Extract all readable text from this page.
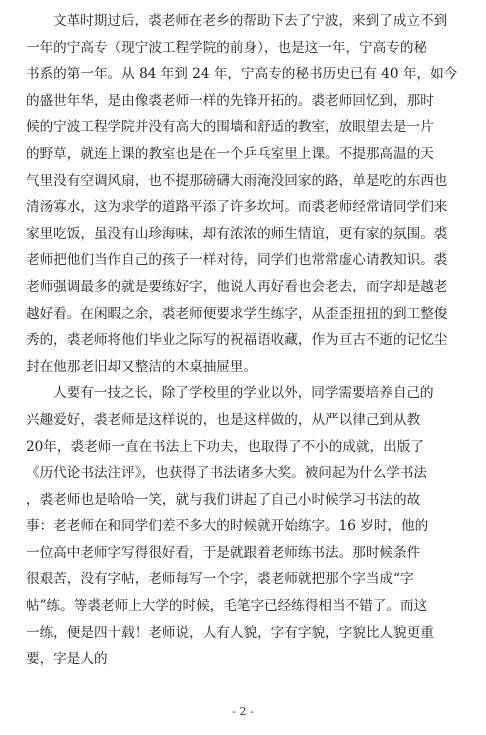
文革时期过后，裘老师在老乡的帮助下去了宁波，来到了成立不到
一年的宁高专（现宁波工程学院的前身），也是这一年，宁高专的秘
书系的第一年。从 84 年到 24 年，宁高专的秘书历史已有 40 年，如今
的盛世年华，是由像裘老师一样的先锋开拓的。裘老师回忆到，那时
候的宁波工程学院并没有高大的围墙和舒适的教室，放眼望去是一片
的野草，就连上课的教室也是在一个乒乓室里上课。不提那高温的天
气里没有空调风扇，也不提那磅礴大雨淹没回家的路，单是吃的东西也
清汤寡水，这为求学的道路平添了许多坎坷。而裘老师经常请同学们来
家里吃饭，虽没有山珍海味，却有浓浓的师生情谊，更有家的氛围。裘
老师把他们当作自己的孩子一样对待，同学们也常常虚心请教知识。裘
老师强调最多的就是要练好字，他说人再好看也会老去，而字却是越老
越好看。在闲暇之余，裘老师便要求学生练字，从歪歪扭扭的到工整俊
秀的，裘老师将他们毕业之际写的祝福语收藏，作为亘古不逝的记忆尘
封在他那老旧却又整洁的木桌抽屉里。
人要有一技之长，除了学校里的学业以外，同学需要培养自己的
兴趣爱好，裘老师是这样说的，也是这样做的，从严以律己到从教
20年，裘老师一直在书法上下功夫，也取得了不小的成就，出版了
《历代论书法注评》，也获得了书法诸多大奖。被问起为什么学书法
，裘老师也是哈哈一笑，就与我们讲起了自己小时候学习书法的故
事：老老师在和同学们差不多大的时候就开始练字。16 岁时，他的
一位高中老师字写得很好看，于是就跟着老师练书法。那时候条件
很艰苦，没有字帖，老师每写一个字，裘老师就把那个字当成“字
帖”练。等裘老师上大学的时候，毛笔字已经练得相当不错了。而这
一练，便是四十载！老师说，人有人貌，字有字貌，字貌比人貌更重
要，字是人的
- 2 -
